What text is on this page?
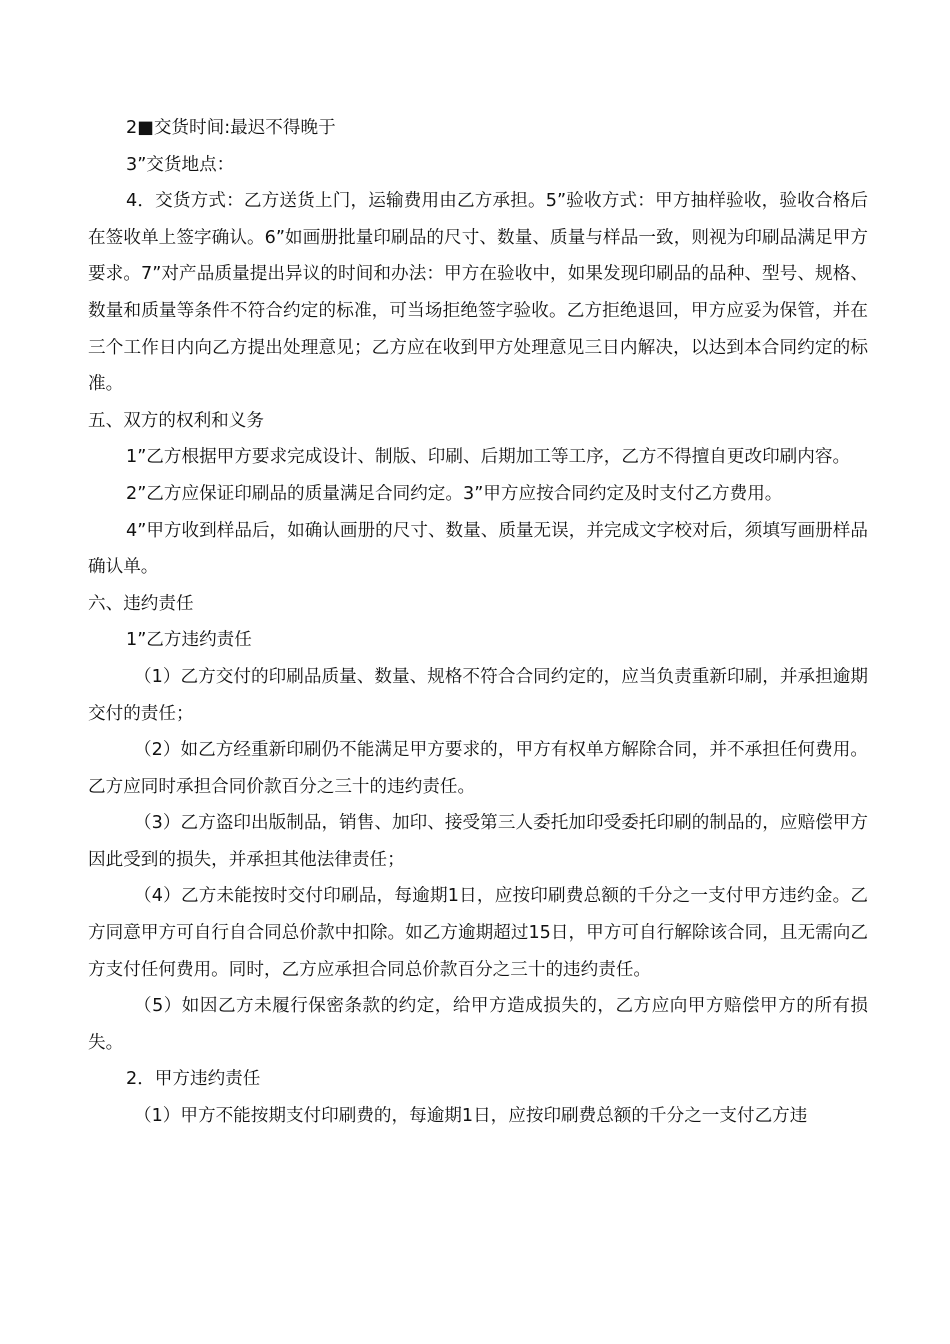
2■交货时间:最迟不得晚于

3”交货地点：

4．交货方式：乙方送货上门，运输费用由乙方承担。5”验收方式：甲方抽样验收，验收合格后在签收单上签字确认。6”如画册批量印刷品的尺寸、数量、质量与样品一致，则视为印刷品满足甲方要求。7”对产品质量提出异议的时间和办法：甲方在验收中，如果发现印刷品的品种、型号、规格、数量和质量等条件不符合约定的标准，可当场拒绝签字验收。乙方拒绝退回，甲方应妥为保管，并在三个工作日内向乙方提出处理意见；乙方应在收到甲方处理意见三日内解决，以达到本合同约定的标准。

五、双方的权利和义务

1”乙方根据甲方要求完成设计、制版、印刷、后期加工等工序，乙方不得擅自更改印刷内容。

2”乙方应保证印刷品的质量满足合同约定。3”甲方应按合同约定及时支付乙方费用。

4”甲方收到样品后，如确认画册的尺寸、数量、质量无误，并完成文字校对后，须填写画册样品确认单。

六、违约责任

1”乙方违约责任

（1）乙方交付的印刷品质量、数量、规格不符合合同约定的，应当负责重新印刷，并承担逾期交付的责任；

（2）如乙方经重新印刷仍不能满足甲方要求的，甲方有权单方解除合同，并不承担任何费用。乙方应同时承担合同价款百分之三十的违约责任。

（3）乙方盗印出版制品，销售、加印、接受第三人委托加印受委托印刷的制品的，应赔偿甲方因此受到的损失，并承担其他法律责任；

（4）乙方未能按时交付印刷品，每逾期1日，应按印刷费总额的千分之一支付甲方违约金。乙方同意甲方可自行自合同总价款中扣除。如乙方逾期超过15日，甲方可自行解除该合同，且无需向乙方支付任何费用。同时，乙方应承担合同总价款百分之三十的违约责任。

（5）如因乙方未履行保密条款的约定，给甲方造成损失的，乙方应向甲方赔偿甲方的所有损失。

2．甲方违约责任

（1）甲方不能按期支付印刷费的，每逾期1日，应按印刷费总额的千分之一支付乙方违
